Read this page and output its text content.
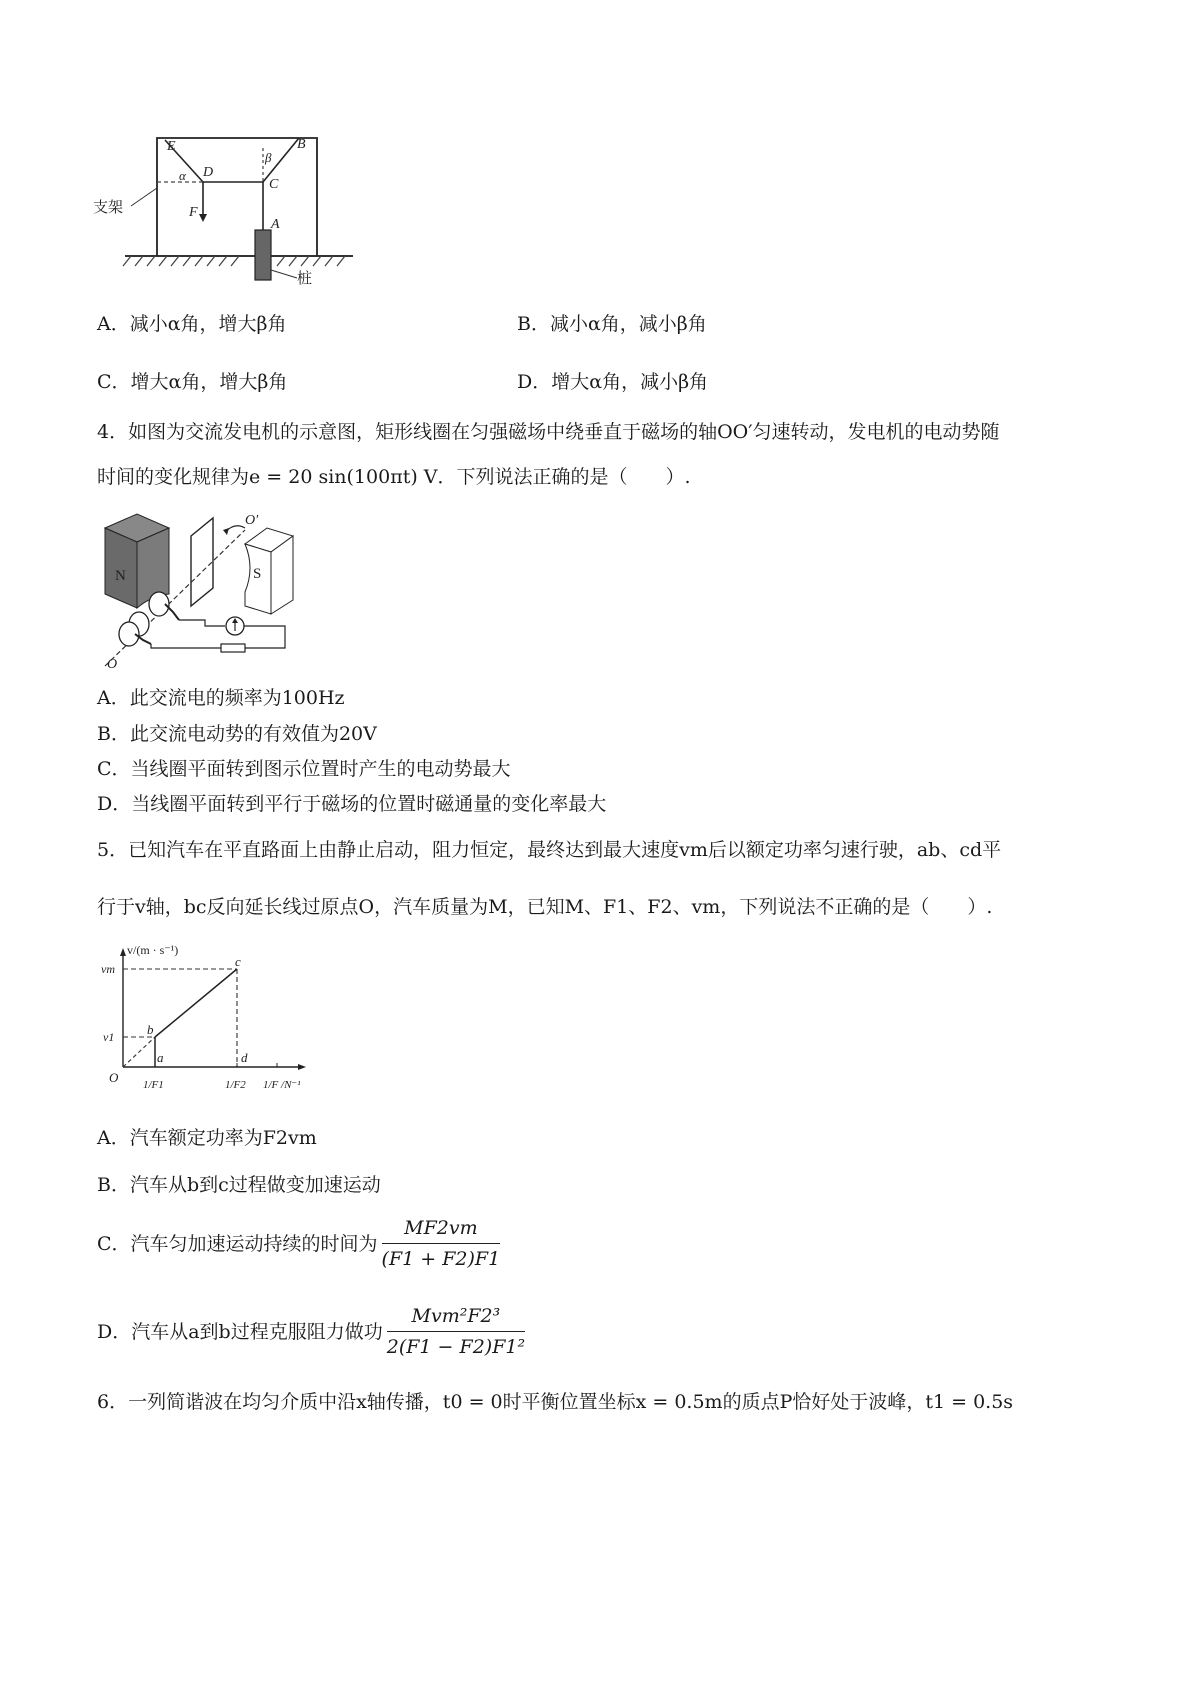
E	B
D
α
β
C
F
A
支架
桩
A．减小α角，增大β角	B．减小α角，减小β角
C．增大α角，增大β角	D．增大α角，减小β角
4．如图为交流发电机的示意图，矩形线圈在匀强磁场中绕垂直于磁场的轴OO′匀速转动，发电机的电动势随
时间的变化规律为e = 20 sin(100πt) V．下列说法正确的是（　　）.
N	S
O′
O
A．此交流电的频率为100Hz
B．此交流电动势的有效值为20V
C．当线圈平面转到图示位置时产生的电动势最大
D．当线圈平面转到平行于磁场的位置时磁通量的变化率最大
5．已知汽车在平直路面上由静止启动，阻力恒定，最终达到最大速度vm后以额定功率匀速行驶，ab、cd平
行于v轴，bc反向延长线过原点O，汽车质量为M，已知M、F1、F2、vm，下列说法不正确的是（　　）.
v/(m · s⁻¹)
vm
v1
O
b
a
c
d
1/F1	1/F2 1/F /N⁻¹
A．汽车额定功率为F2vm
B．汽车从b到c过程做变加速运动
C．汽车匀加速运动持续的时间为 $\frac{MF2vm}{(F1 + F2)F1}$
D．汽车从a到b过程克服阻力做功 $\frac{\text{Mvm²F2³}}{\text{2(F1 − F2)F1²}}$
6．一列简谐波在均匀介质中沿x轴传播，t0 = 0时平衡位置坐标x = 0.5m的质点P恰好处于波峰，t1 = 0.5s
